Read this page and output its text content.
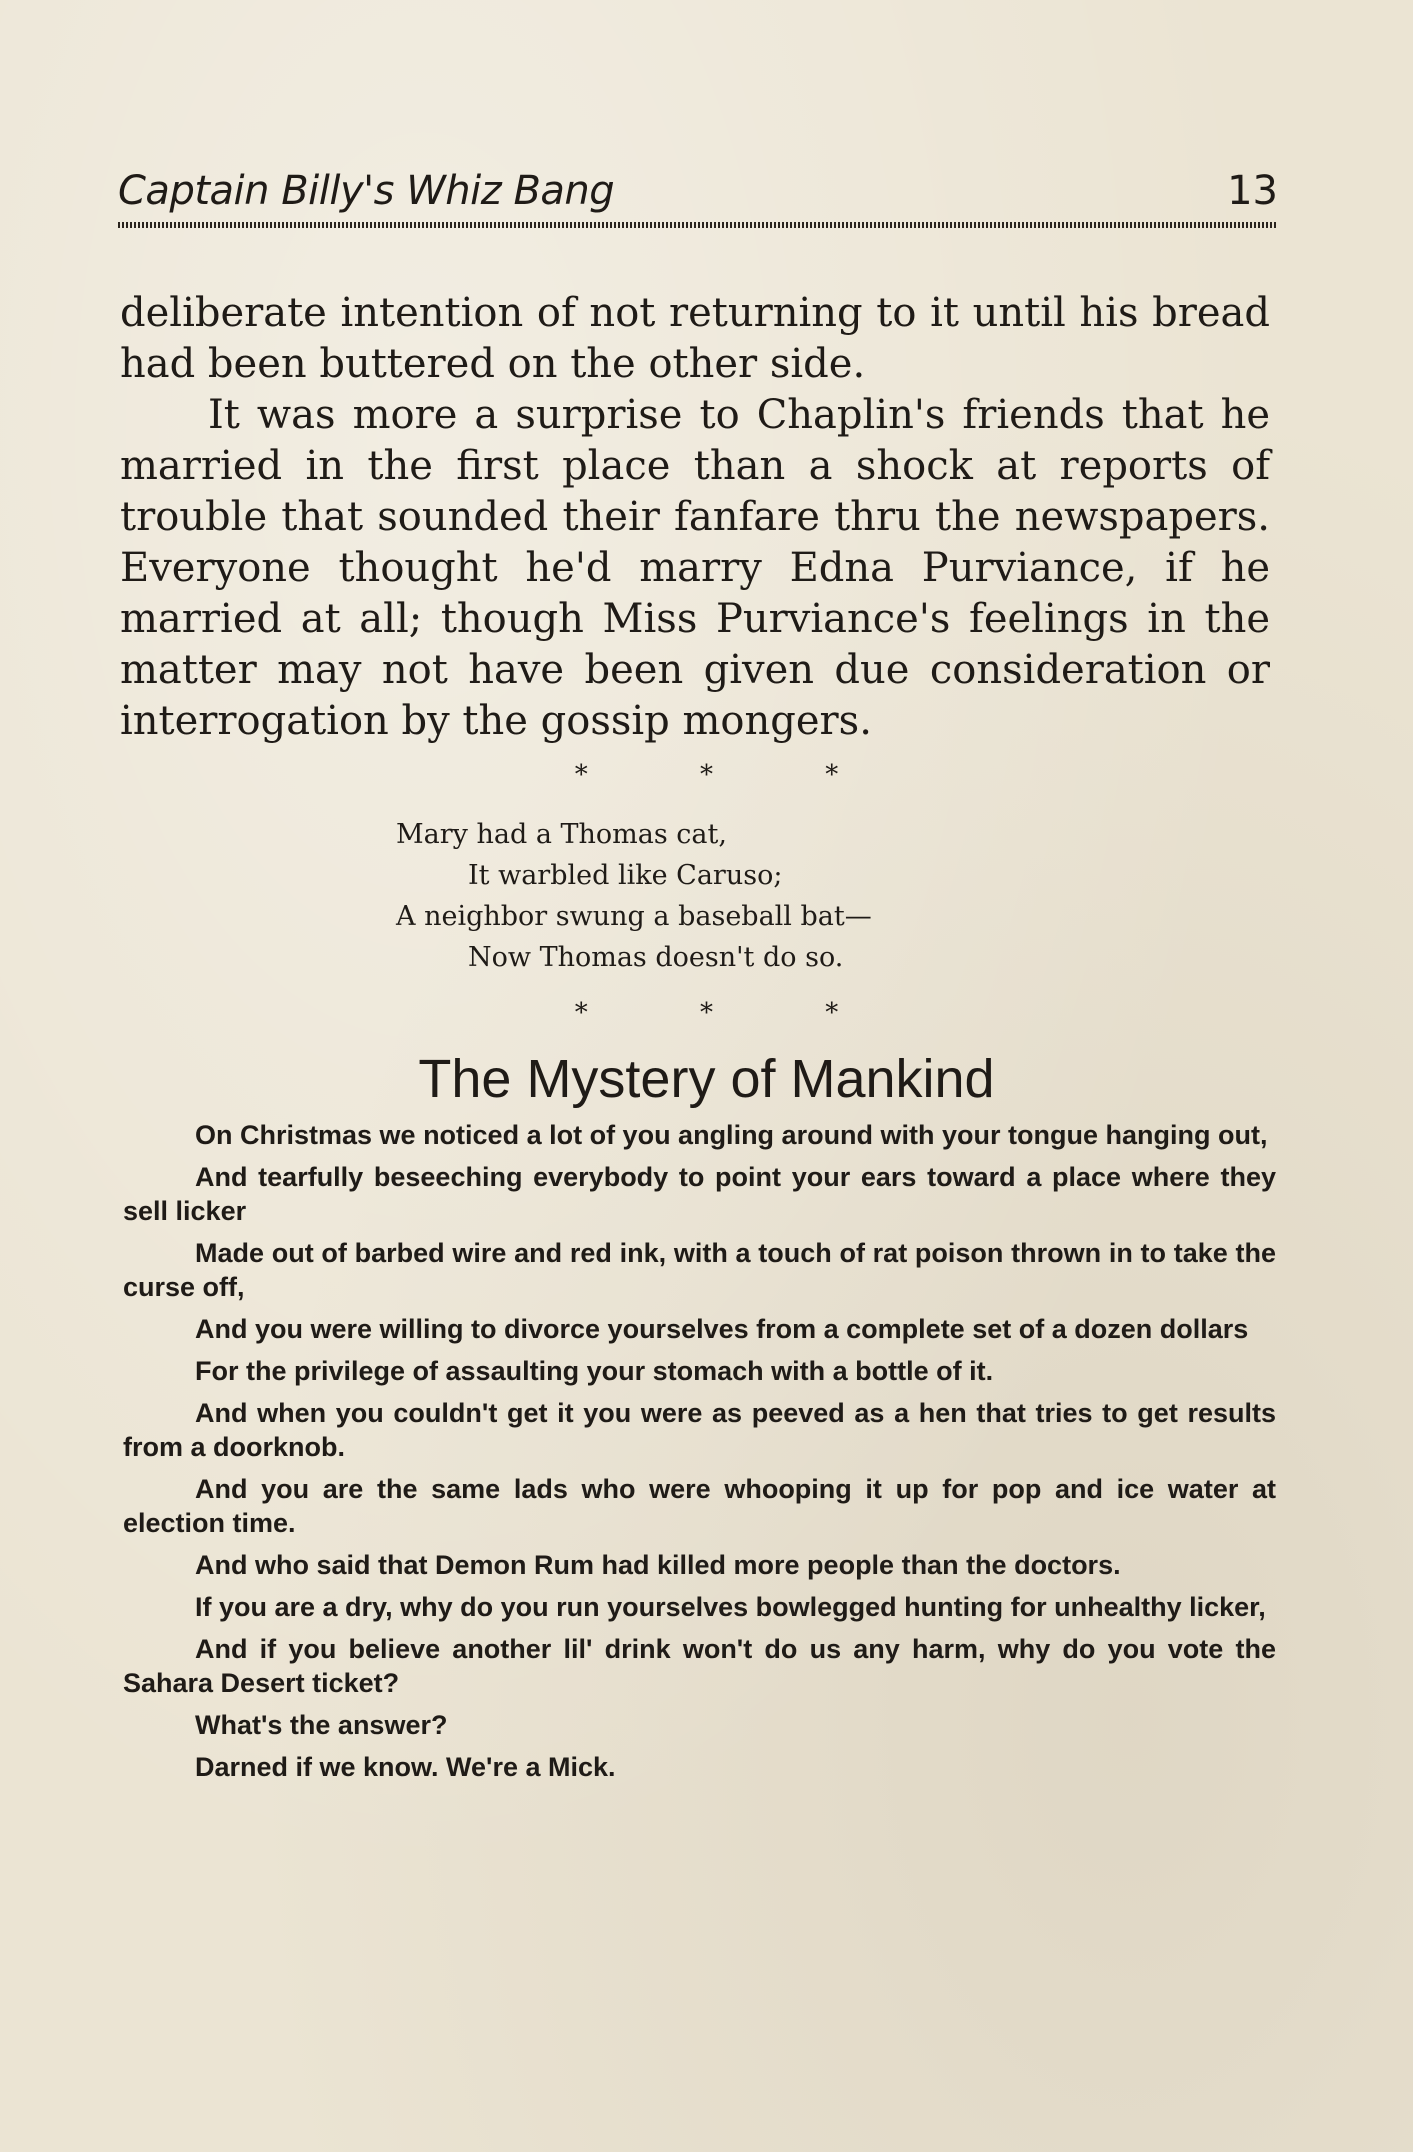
Captain Billy's Whiz Bang	13

deliberate intention of not returning to it until his bread had been buttered on the other side.

It was more a surprise to Chaplin's friends that he married in the first place than a shock at reports of trouble that sounded their fanfare thru the newspapers. Everyone thought he'd marry Edna Purviance, if he married at all; though Miss Purviance's feelings in the matter may not have been given due consideration or interrogation by the gossip mongers.

* * *
Mary had a Thomas cat,
It warbled like Caruso;
A neighbor swung a baseball bat—
Now Thomas doesn't do so.
* * *
The Mystery of Mankind

On Christmas we noticed a lot of you angling around with your tongue hanging out,

And tearfully beseeching everybody to point your ears toward a place where they sell licker

Made out of barbed wire and red ink, with a touch of rat poison thrown in to take the curse off,

And you were willing to divorce yourselves from a complete set of a dozen dollars

For the privilege of assaulting your stomach with a bottle of it.

And when you couldn't get it you were as peeved as a hen that tries to get results from a doorknob.

And you are the same lads who were whooping it up for pop and ice water at election time.

And who said that Demon Rum had killed more people than the doctors.

If you are a dry, why do you run yourselves bowlegged hunting for unhealthy licker,

And if you believe another lil' drink won't do us any harm, why do you vote the Sahara Desert ticket?

What's the answer?

Darned if we know. We're a Mick.
